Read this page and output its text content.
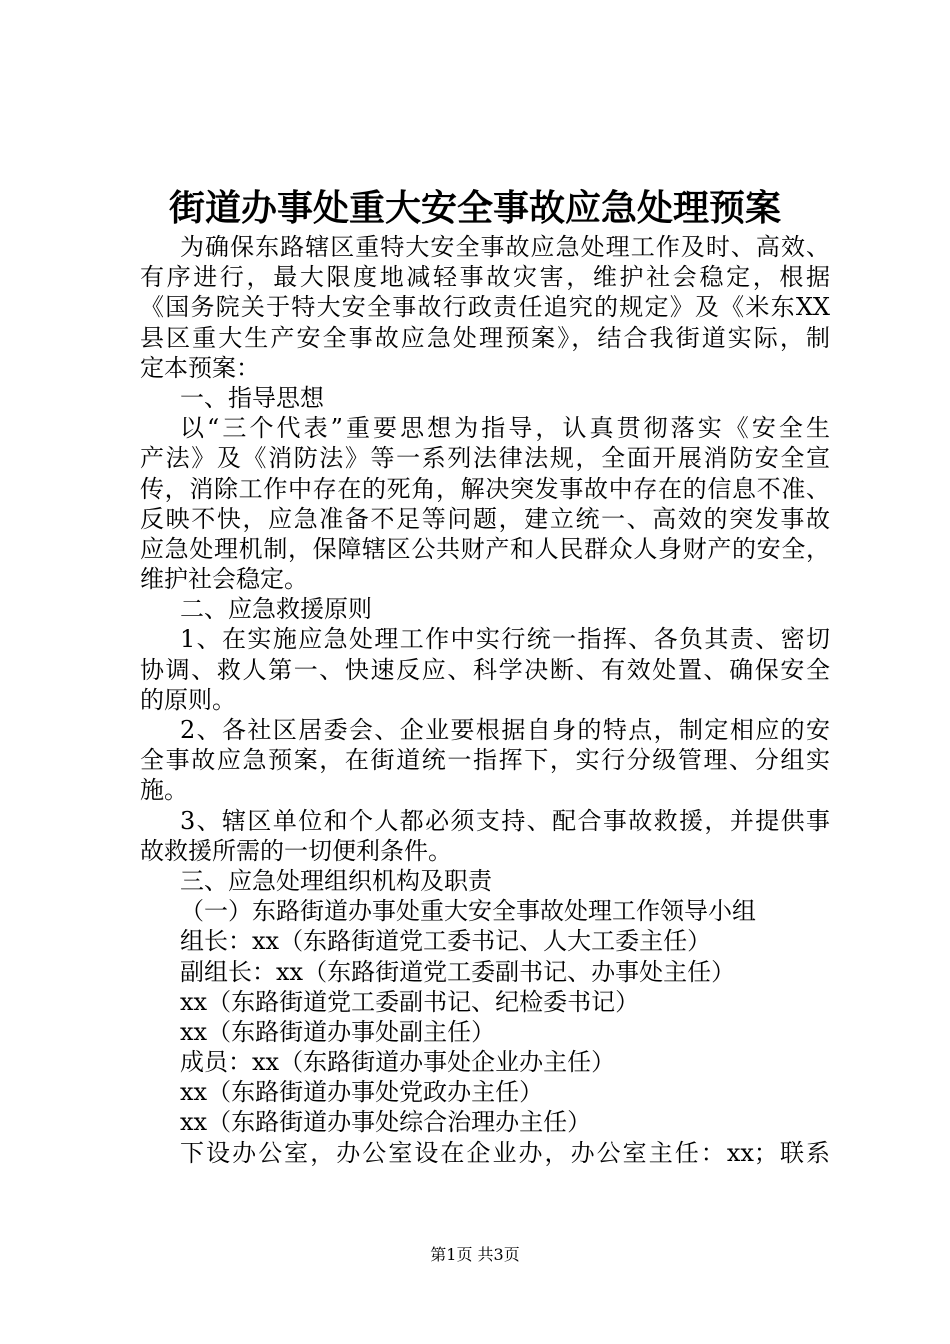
街道办事处重大安全事故应急处理预案
为确保东路辖区重特大安全事故应急处理工作及时、高效、
有序进行，最大限度地减轻事故灾害，维护社会稳定，根据
《国务院关于特大安全事故行政责任追究的规定》及《米东XX
县区重大生产安全事故应急处理预案》，结合我街道实际，制
定本预案：
一、指导思想
以“三个代表”重要思想为指导，认真贯彻落实《安全生
产法》及《消防法》等一系列法律法规，全面开展消防安全宣
传，消除工作中存在的死角，解决突发事故中存在的信息不准、
反映不快，应急准备不足等问题，建立统一、高效的突发事故
应急处理机制，保障辖区公共财产和人民群众人身财产的安全，
维护社会稳定。
二、应急救援原则
1、在实施应急处理工作中实行统一指挥、各负其责、密切
协调、救人第一、快速反应、科学决断、有效处置、确保安全
的原则。
2、各社区居委会、企业要根据自身的特点，制定相应的安
全事故应急预案，在街道统一指挥下，实行分级管理、分组实
施。
3、辖区单位和个人都必须支持、配合事故救援，并提供事
故救援所需的一切便利条件。
三、应急处理组织机构及职责
（一）东路街道办事处重大安全事故处理工作领导小组
组长：xx（东路街道党工委书记、人大工委主任）
副组长：xx（东路街道党工委副书记、办事处主任）
xx（东路街道党工委副书记、纪检委书记）
xx（东路街道办事处副主任）
成员：xx（东路街道办事处企业办主任）
xx（东路街道办事处党政办主任）
xx（东路街道办事处综合治理办主任）
下设办公室，办公室设在企业办，办公室主任：xx；联系
第1页 共3页
